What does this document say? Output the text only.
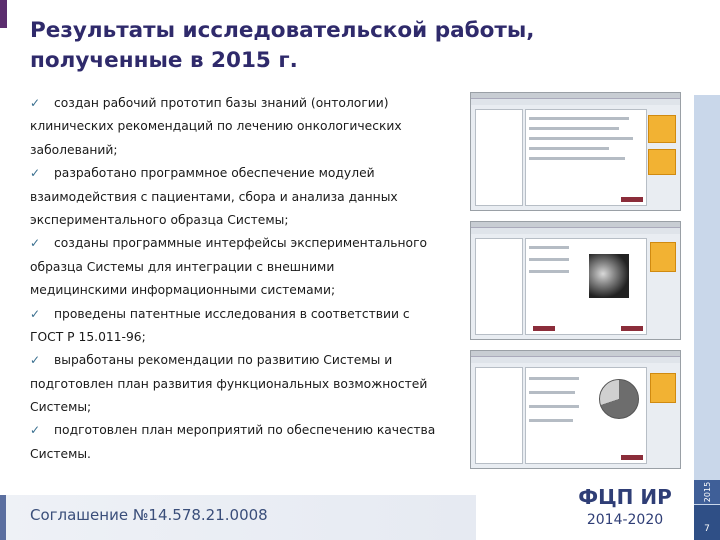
Результаты исследовательской работы,
полученные в 2015 г.
✓ создан рабочий прототип базы знаний (онтологии)
клинических рекомендаций по лечению онкологических
заболеваний;
✓ разработано программное обеспечение модулей
взаимодействия с пациентами, сбора и анализа данных
экспериментального образца Системы;
✓ созданы программные интерфейсы экспериментального
образца Системы для интеграции с внешними
медицинскими информационными системами;
✓ проведены патентные исследования в соответствии с
ГОСТ Р 15.011-96;
✓ выработаны рекомендации по развитию Системы и
подготовлен план развития функциональных возможностей
Системы;
✓ подготовлен план мероприятий по обеспечению качества
Системы.
2015
7
Соглашение №14.578.21.0008
ФЦП ИР
2014-2020
